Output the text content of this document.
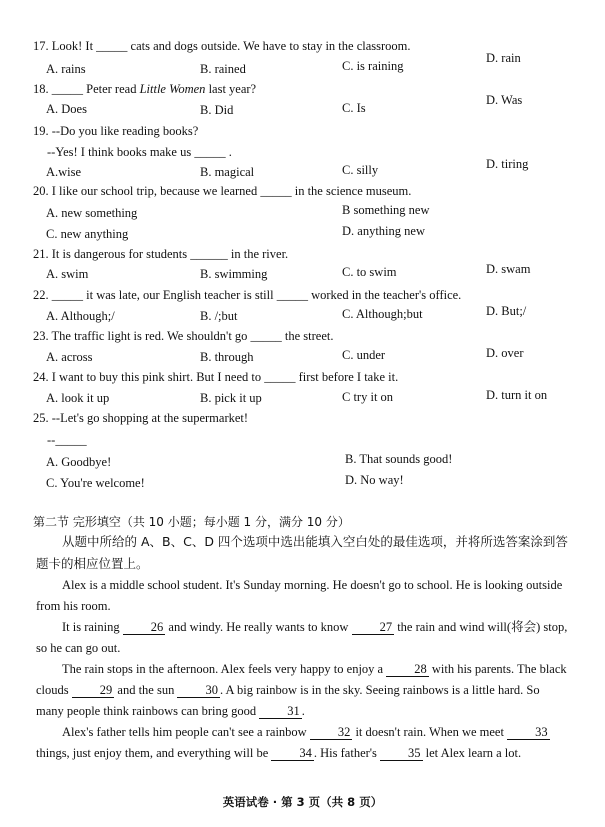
17. Look! It _____ cats and dogs outside. We have to stay in the classroom.
A. rains	B. rained	C. is raining
D. rain
18. _____ Peter read Little Women last year?
A. Does	B. Did	C. Is
D. Was
19. --Do you like reading books?
--Yes! I think books make us _____ .
A.wise	B. magical	C. silly	D. tiring
20. I like our school trip, because we learned _____ in the science museum.
A. new something	B something new
C. new anything	D. anything new
21. It is dangerous for students ______ in the river.
A. swim	B. swimming	C. to swim	D. swam
22. _____ it was late, our English teacher is still _____ worked in the teacher's office.
A. Although;/	B. /;but	C. Although;but	D. But;/
23. The traffic light is red. We shouldn't go _____ the street.
A. across	B. through	C. under	D. over
24. I want to buy this pink shirt. But I need to _____ first before I take it.
A. look it up	B. pick it up	C try it on	D. turn it on
25. --Let's go shopping at the supermarket!
--_____
A. Goodbye!	B. That sounds good!
C. You're welcome!	D. No way!
第二节 完形填空（共 10 小题；每小题 1 分，满分 10 分）
从题中所给的 A、B、C、D 四个选项中选出能填入空白处的最佳选项，并将所选答案涂到答题卡的相应位置上。

Alex is a middle school student. It's Sunday morning. He doesn't go to school. He is looking outside from his room.

It is raining 26 and windy. He really wants to know 27 the rain and wind will(将会) stop, so he can go out.

The rain stops in the afternoon. Alex feels very happy to enjoy a 28 with his parents. The black clouds 29 and the sun 30 . A big rainbow is in the sky. Seeing rainbows is a little hard. So many people think rainbows can bring good 31 .

Alex's father tells him people can't see a rainbow 32 it doesn't rain. When we meet 33 things, just enjoy them, and everything will be 34 . His father's 35 let Alex learn a lot.

英语试卷 · 第 3 页（共 8 页）
